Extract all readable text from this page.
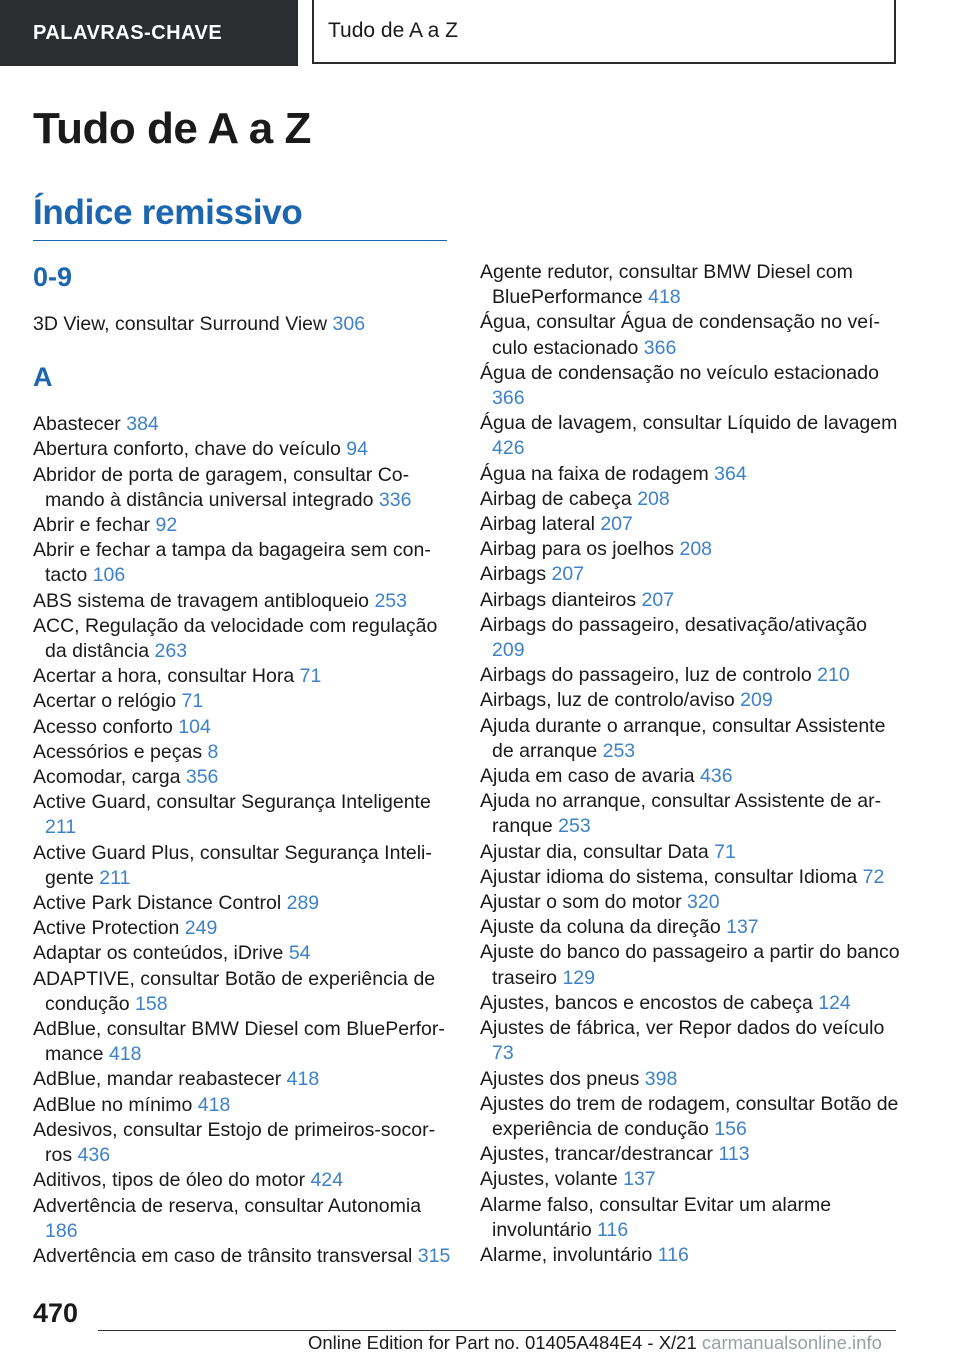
PALAVRAS-CHAVE	Tudo de A a Z
Tudo de A a Z
Índice remissivo
0-9
3D View, consultar Surround View 306
A
Abastecer 384
Abertura conforto, chave do veículo 94
Abridor de porta de garagem, consultar Comando à distância universal integrado 336
Abrir e fechar 92
Abrir e fechar a tampa da bagageira sem contacto 106
ABS sistema de travagem antibloqueio 253
ACC, Regulação da velocidade com regulação da distância 263
Acertar a hora, consultar Hora 71
Acertar o relógio 71
Acesso conforto 104
Acessórios e peças 8
Acomodar, carga 356
Active Guard, consultar Segurança Inteligente 211
Active Guard Plus, consultar Segurança Inteligente 211
Active Park Distance Control 289
Active Protection 249
Adaptar os conteúdos, iDrive 54
ADAPTIVE, consultar Botão de experiência de condução 158
AdBlue, consultar BMW Diesel com BluePerformance 418
AdBlue, mandar reabastecer 418
AdBlue no mínimo 418
Adesivos, consultar Estojo de primeiros-socorros 436
Aditivos, tipos de óleo do motor 424
Advertência de reserva, consultar Autonomia 186
Advertência em caso de trânsito transversal 315
Agente redutor, consultar BMW Diesel com BluePerformance 418
Água, consultar Água de condensação no veículo estacionado 366
Água de condensação no veículo estacionado 366
Água de lavagem, consultar Líquido de lavagem 426
Água na faixa de rodagem 364
Airbag de cabeça 208
Airbag lateral 207
Airbag para os joelhos 208
Airbags 207
Airbags dianteiros 207
Airbags do passageiro, desativação/ativação 209
Airbags do passageiro, luz de controlo 210
Airbags, luz de controlo/aviso 209
Ajuda durante o arranque, consultar Assistente de arranque 253
Ajuda em caso de avaria 436
Ajuda no arranque, consultar Assistente de arranque 253
Ajustar dia, consultar Data 71
Ajustar idioma do sistema, consultar Idioma 72
Ajustar o som do motor 320
Ajuste da coluna da direção 137
Ajuste do banco do passageiro a partir do banco traseiro 129
Ajustes, bancos e encostos de cabeça 124
Ajustes de fábrica, ver Repor dados do veículo 73
Ajustes dos pneus 398
Ajustes do trem de rodagem, consultar Botão de experiência de condução 156
Ajustes, trancar/destrancar 113
Ajustes, volante 137
Alarme falso, consultar Evitar um alarme involuntário 116
Alarme, involuntário 116
470
Online Edition for Part no. 01405A484E4 - X/21 carmanualsonline.info
